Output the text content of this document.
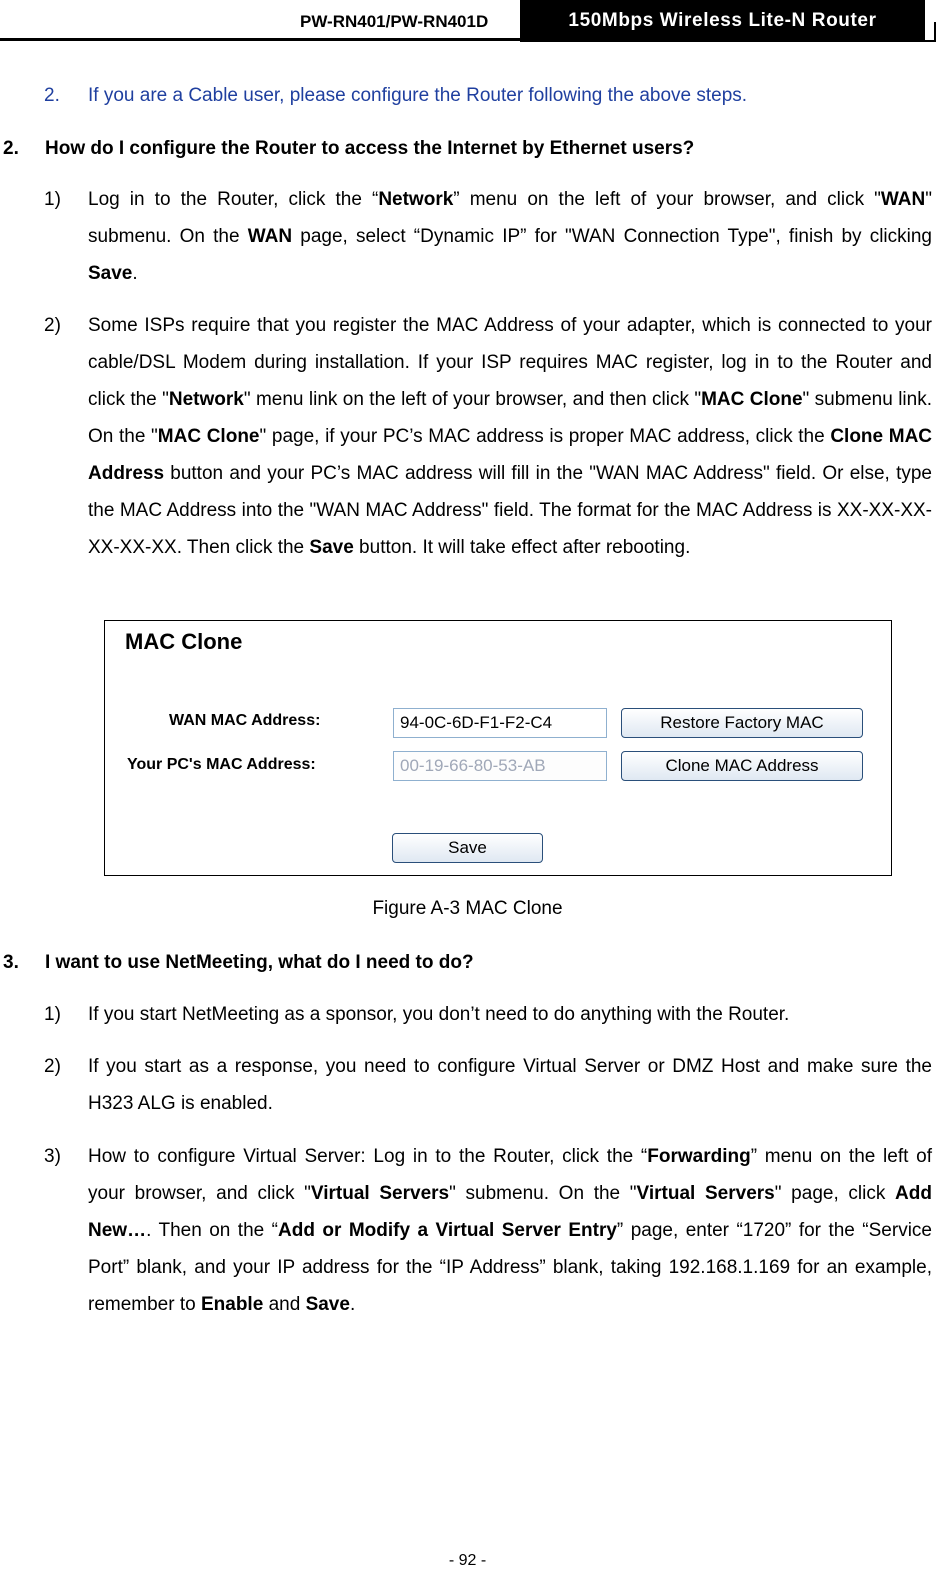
PW-RN401/PW-RN401D	150Mbps Wireless Lite-N Router
2. If you are a Cable user, please configure the Router following the above steps.
2. How do I configure the Router to access the Internet by Ethernet users?
1) Log in to the Router, click the “Network” menu on the left of your browser, and click "WAN" submenu. On the WAN page, select “Dynamic IP” for "WAN Connection Type", finish by clicking Save.
2) Some ISPs require that you register the MAC Address of your adapter, which is connected to your cable/DSL Modem during installation. If your ISP requires MAC register, log in to the Router and click the "Network" menu link on the left of your browser, and then click "MAC Clone" submenu link. On the "MAC Clone" page, if your PC’s MAC address is proper MAC address, click the Clone MAC Address button and your PC’s MAC address will fill in the "WAN MAC Address" field. Or else, type the MAC Address into the "WAN MAC Address" field. The format for the MAC Address is XX-XX-XX-XX-XX-XX. Then click the Save button. It will take effect after rebooting.
MAC Clone
WAN MAC Address:
94-0C-6D-F1-F2-C4	Restore Factory MAC
Your PC's MAC Address:
00-19-66-80-53-AB	Clone MAC Address
Save
Figure A-3 MAC Clone
3. I want to use NetMeeting, what do I need to do?
1) If you start NetMeeting as a sponsor, you don’t need to do anything with the Router.
2) If you start as a response, you need to configure Virtual Server or DMZ Host and make sure the H323 ALG is enabled.
3) How to configure Virtual Server: Log in to the Router, click the “Forwarding” menu on the left of your browser, and click "Virtual Servers" submenu. On the "Virtual Servers" page, click Add New…. Then on the “Add or Modify a Virtual Server Entry” page, enter “1720” for the “Service Port” blank, and your IP address for the “IP Address” blank, taking 192.168.1.169 for an example, remember to Enable and Save.
- 92 -
